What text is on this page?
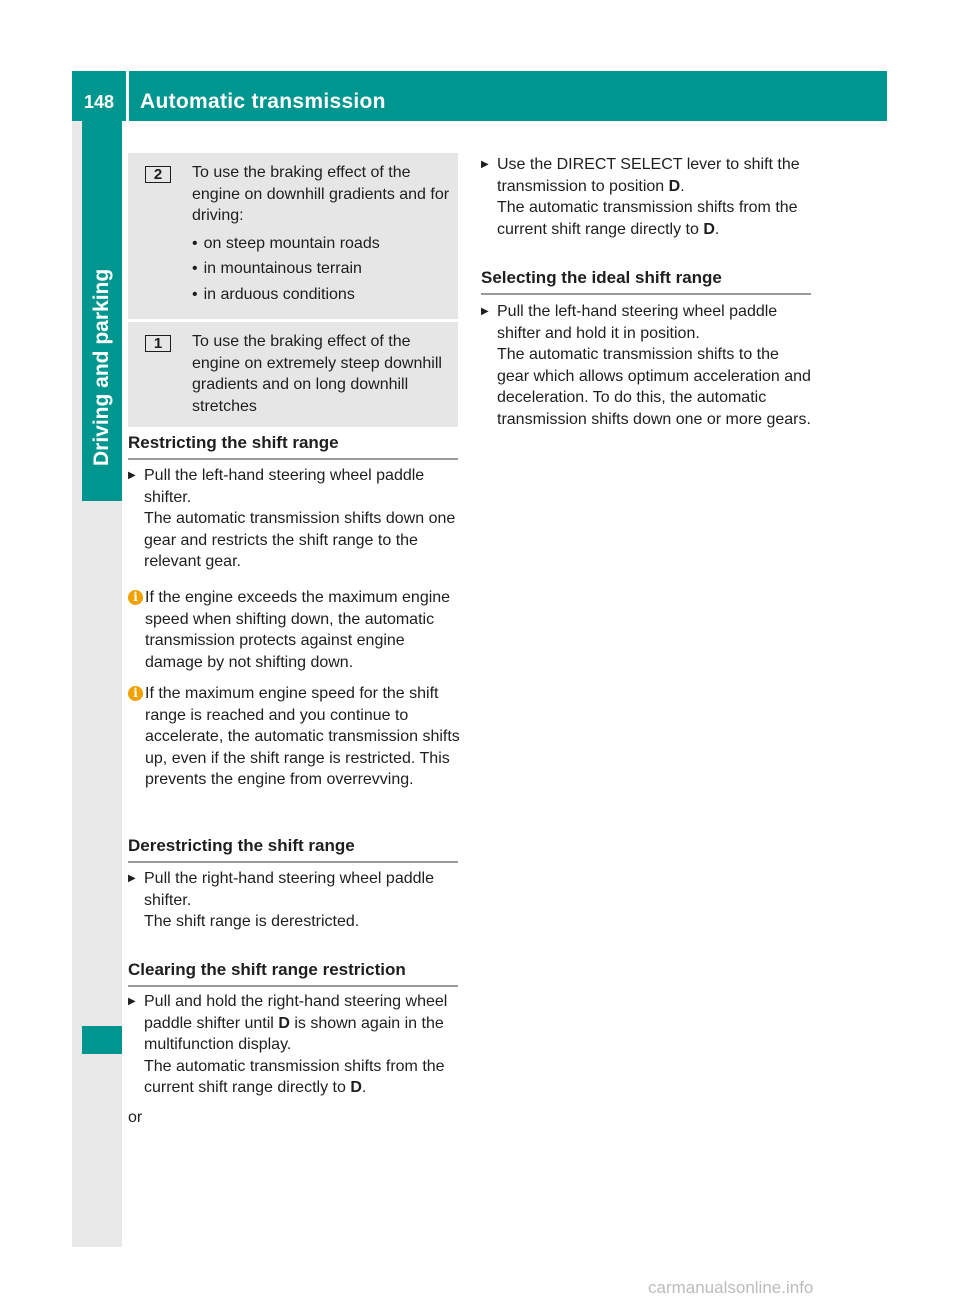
148 Automatic transmission
Driving and parking
2	To use the braking effect of the engine on downhill gradients and for driving:
• on steep mountain roads
• in mountainous terrain
• in arduous conditions
1	To use the braking effect of the engine on extremely steep downhill gradients and on long downhill stretches
Restricting the shift range
▶ Pull the left-hand steering wheel paddle shifter.
The automatic transmission shifts down one gear and restricts the shift range to the relevant gear.
i If the engine exceeds the maximum engine speed when shifting down, the automatic transmission protects against engine damage by not shifting down.
i If the maximum engine speed for the shift range is reached and you continue to accelerate, the automatic transmission shifts up, even if the shift range is restricted. This prevents the engine from overrevving.
Derestricting the shift range
▶ Pull the right-hand steering wheel paddle shifter.
The shift range is derestricted.
Clearing the shift range restriction
▶ Pull and hold the right-hand steering wheel paddle shifter until D is shown again in the multifunction display.
The automatic transmission shifts from the current shift range directly to D.
or
▶ Use the DIRECT SELECT lever to shift the transmission to position D.
The automatic transmission shifts from the current shift range directly to D.
Selecting the ideal shift range
▶ Pull the left-hand steering wheel paddle shifter and hold it in position.
The automatic transmission shifts to the gear which allows optimum acceleration and deceleration. To do this, the automatic transmission shifts down one or more gears.
carmanualsonline.info
